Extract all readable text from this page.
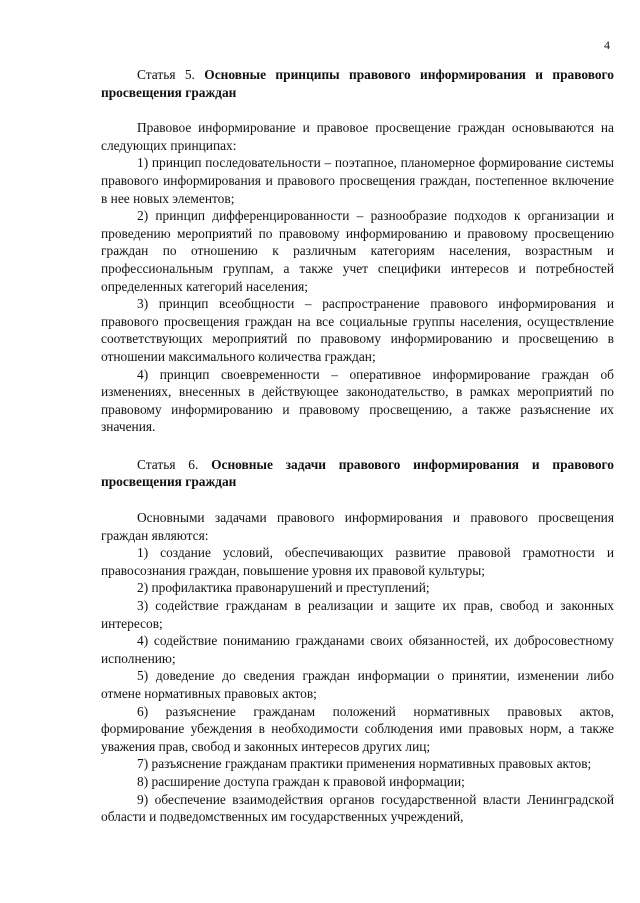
4

Статья 5. Основные принципы правового информирования и правового просвещения граждан

Правовое информирование и правовое просвещение граждан основываются на следующих принципах:

1) принцип последовательности – поэтапное, планомерное формирование системы правового информирования и правового просвещения граждан, постепенное включение в нее новых элементов;

2) принцип дифференцированности – разнообразие подходов к организации и проведению мероприятий по правовому информированию и правовому просвещению граждан по отношению к различным категориям населения, возрастным и профессиональным группам, а также учет специфики интересов и потребностей определенных категорий населения;

3) принцип всеобщности – распространение правового информирования и правового просвещения граждан на все социальные группы населения, осуществление соответствующих мероприятий по правовому информированию и просвещению в отношении максимального количества граждан;

4) принцип своевременности – оперативное информирование граждан об изменениях, внесенных в действующее законодательство, в рамках мероприятий по правовому информированию и правовому просвещению, а также разъяснение их значения.

Статья 6. Основные задачи правового информирования и правового просвещения граждан

Основными задачами правового информирования и правового просвещения граждан являются:

1) создание условий, обеспечивающих развитие правовой грамотности и правосознания граждан, повышение уровня их правовой культуры;

2) профилактика правонарушений и преступлений;

3) содействие гражданам в реализации и защите их прав, свобод и законных интересов;

4) содействие пониманию гражданами своих обязанностей, их добросовестному исполнению;

5) доведение до сведения граждан информации о принятии, изменении либо отмене нормативных правовых актов;

6) разъяснение гражданам положений нормативных правовых актов, формирование убеждения в необходимости соблюдения ими правовых норм, а также уважения прав, свобод и законных интересов других лиц;

7) разъяснение гражданам практики применения нормативных правовых актов;

8) расширение доступа граждан к правовой информации;

9) обеспечение взаимодействия органов государственной власти Ленинградской области и подведомственных им государственных учреждений,
